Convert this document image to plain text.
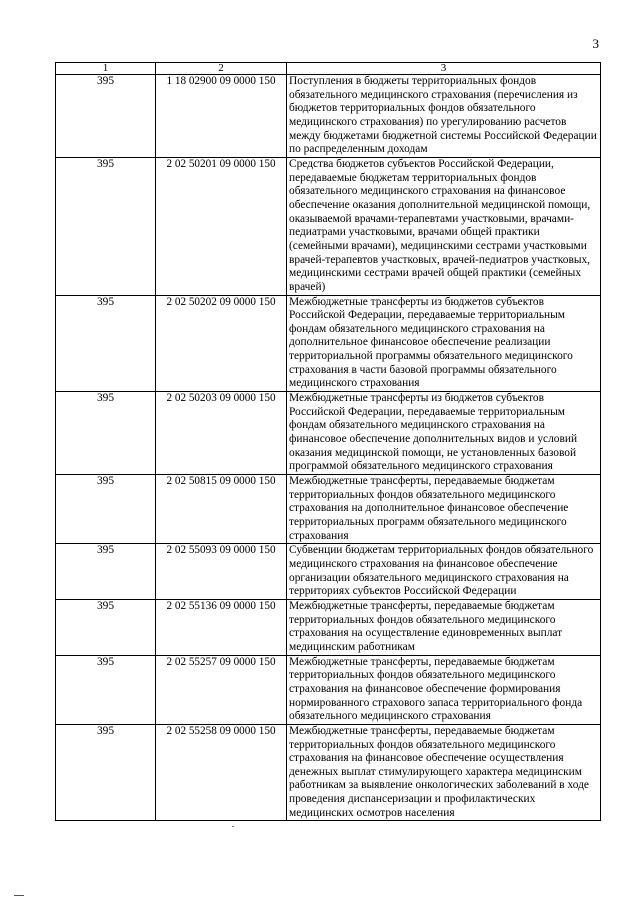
3
1	2	3
395	1 18 02900 09 0000 150	Поступления в бюджеты территориальных фондов обязательного медицинского страхования (перечисления из бюджетов территориальных фондов обязательного медицинского страхования) по урегулированию расчетов между бюджетами бюджетной системы Российской Федерации по распределенным доходам
395	2 02 50201 09 0000 150	Средства бюджетов субъектов Российской Федерации, передаваемые бюджетам территориальных фондов обязательного медицинского страхования на финансовое обеспечение оказания дополнительной медицинской помощи, оказываемой врачами-терапевтами участковыми, врачами-педиатрами участковыми, врачами общей практики (семейными врачами), медицинскими сестрами участковыми врачей-терапевтов участковых, врачей-педиатров участковых, медицинскими сестрами врачей общей практики (семейных врачей)
395	2 02 50202 09 0000 150	Межбюджетные трансферты из бюджетов субъектов Российской Федерации, передаваемые территориальным фондам обязательного медицинского страхования на дополнительное финансовое обеспечение реализации территориальной программы обязательного медицинского страхования в части базовой программы обязательного медицинского страхования
395	2 02 50203 09 0000 150	Межбюджетные трансферты из бюджетов субъектов Российской Федерации, передаваемые территориальным фондам обязательного медицинского страхования на финансовое обеспечение дополнительных видов и условий оказания медицинской помощи, не установленных базовой программой обязательного медицинского страхования
395	2 02 50815 09 0000 150	Межбюджетные трансферты, передаваемые бюджетам территориальных фондов обязательного медицинского страхования на дополнительное финансовое обеспечение территориальных программ обязательного медицинского страхования
395	2 02 55093 09 0000 150	Субвенции бюджетам территориальных фондов обязательного медицинского страхования на финансовое обеспечение организации обязательного медицинского страхования на территориях субъектов Российской Федерации
395	2 02 55136 09 0000 150	Межбюджетные трансферты, передаваемые бюджетам территориальных фондов обязательного медицинского страхования на осуществление единовременных выплат медицинским работникам
395	2 02 55257 09 0000 150	Межбюджетные трансферты, передаваемые бюджетам территориальных фондов обязательного медицинского страхования на финансовое обеспечение формирования нормированного страхового запаса территориального фонда обязательного медицинского страхования
395	2 02 55258 09 0000 150	Межбюджетные трансферты, передаваемые бюджетам территориальных фондов обязательного медицинского страхования на финансовое обеспечение осуществления денежных выплат стимулирующего характера медицинским работникам за выявление онкологических заболеваний в ходе проведения диспансеризации и профилактических медицинских осмотров населения
